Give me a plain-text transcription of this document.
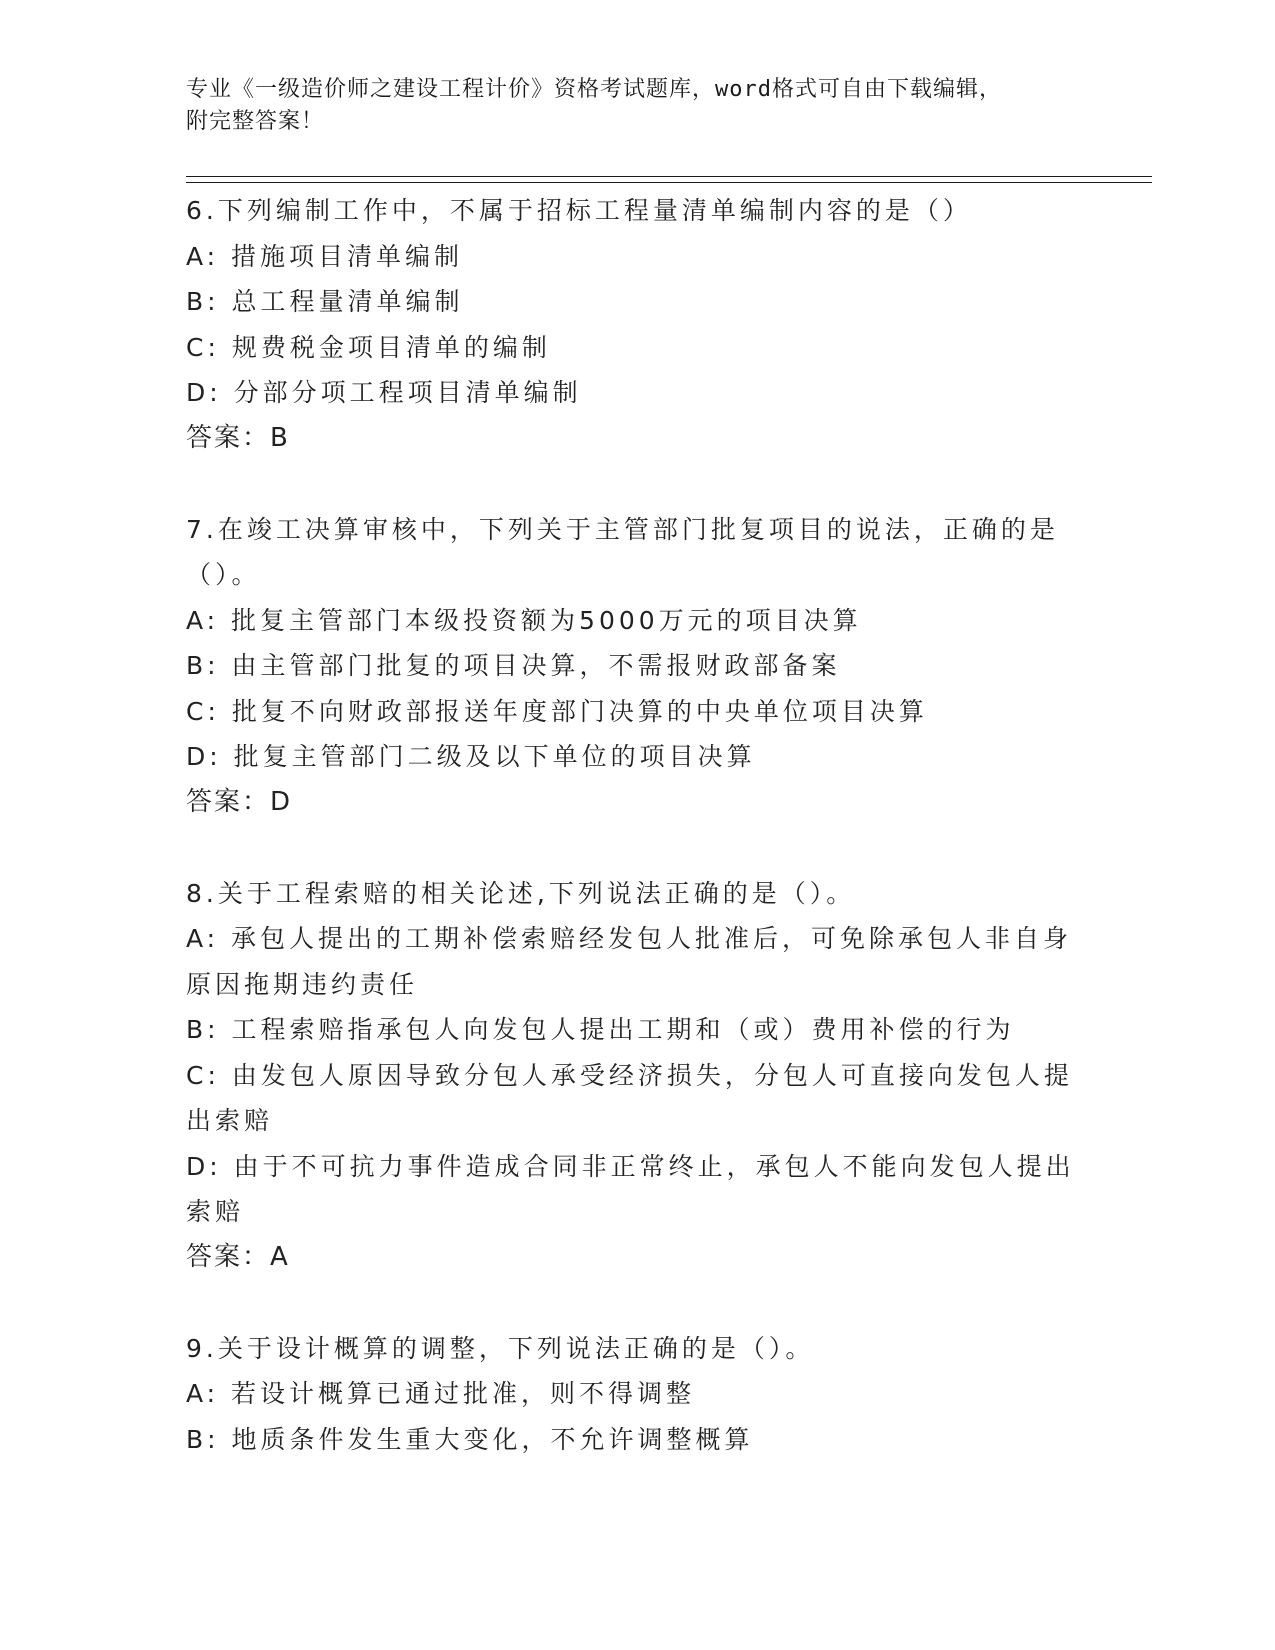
专业《一级造价师之建设工程计价》资格考试题库，word格式可自由下载编辑，
附完整答案！
6.下列编制工作中，不属于招标工程量清单编制内容的是（）
A: 措施项目清单编制
B: 总工程量清单编制
C: 规费税金项目清单的编制
D: 分部分项工程项目清单编制
答案：B
7.在竣工决算审核中，下列关于主管部门批复项目的说法，正确的是
（）。
A: 批复主管部门本级投资额为5000万元的项目决算
B: 由主管部门批复的项目决算，不需报财政部备案
C: 批复不向财政部报送年度部门决算的中央单位项目决算
D: 批复主管部门二级及以下单位的项目决算
答案：D
8.关于工程索赔的相关论述,下列说法正确的是（）。
A: 承包人提出的工期补偿索赔经发包人批准后，可免除承包人非自身
原因拖期违约责任
B: 工程索赔指承包人向发包人提出工期和（或）费用补偿的行为
C: 由发包人原因导致分包人承受经济损失，分包人可直接向发包人提
出索赔
D: 由于不可抗力事件造成合同非正常终止，承包人不能向发包人提出
索赔
答案：A
9.关于设计概算的调整，下列说法正确的是（）。
A: 若设计概算已通过批准，则不得调整
B: 地质条件发生重大变化，不允许调整概算
